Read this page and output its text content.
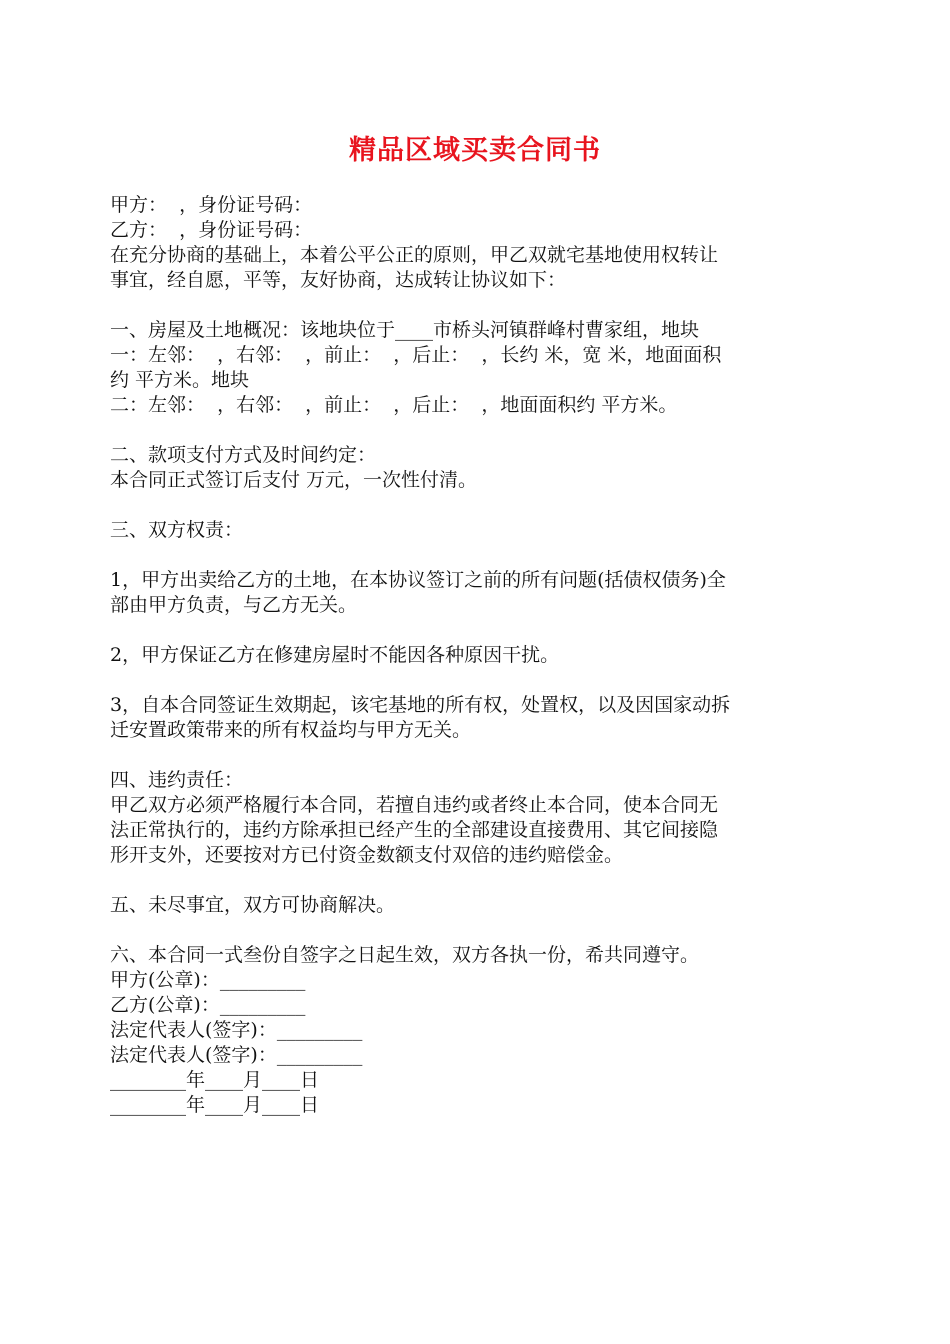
精品区域买卖合同书
甲方：  ，身份证号码：
乙方：  ，身份证号码：
在充分协商的基础上，本着公平公正的原则，甲乙双就宅基地使用权转让
事宜，经自愿，平等，友好协商，达成转让协议如下：
一、房屋及土地概况：该地块位于____市桥头河镇群峰村曹家组，地块
一：左邻：  ，右邻：  ，前止：  ，后止：  ，长约 米，宽 米，地面面积
约 平方米。地块
二：左邻：  ，右邻：  ，前止：  ，后止：  ，地面面积约 平方米。
二、款项支付方式及时间约定：
本合同正式签订后支付 万元，一次性付清。
三、双方权责：
1，甲方出卖给乙方的土地，在本协议签订之前的所有问题(括债权债务)全
部由甲方负责，与乙方无关。
2，甲方保证乙方在修建房屋时不能因各种原因干扰。
3，自本合同签证生效期起，该宅基地的所有权，处置权，以及因国家动拆
迁安置政策带来的所有权益均与甲方无关。
四、违约责任：
甲乙双方必须严格履行本合同，若擅自违约或者终止本合同，使本合同无
法正常执行的，违约方除承担已经产生的全部建设直接费用、其它间接隐
形开支外，还要按对方已付资金数额支付双倍的违约赔偿金。
五、未尽事宜，双方可协商解决。
六、本合同一式叁份自签字之日起生效，双方各执一份，希共同遵守。
甲方(公章)：_________
乙方(公章)：_________
法定代表人(签字)：_________
法定代表人(签字)：_________
________年____月____日
________年____月____日
